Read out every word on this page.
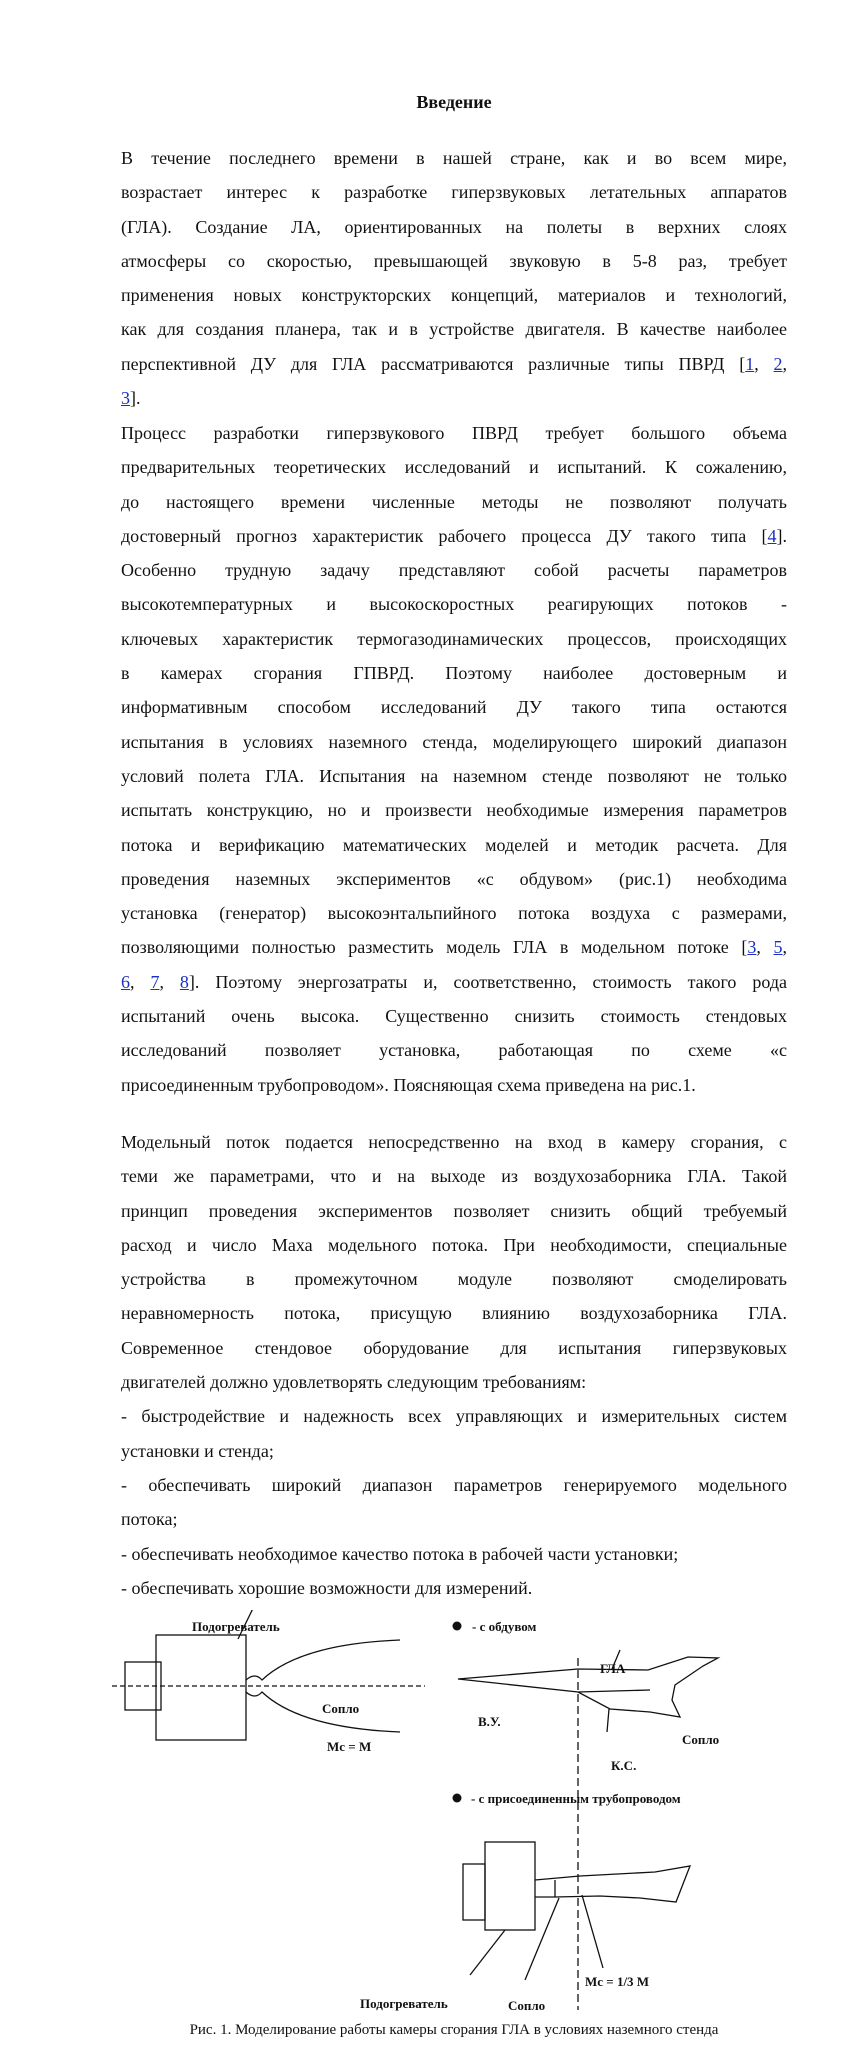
Введение
В течение последнего времени в нашей стране, как и во всем мире,
возрастает интерес к разработке гиперзвуковых летательных аппаратов
(ГЛА). Создание ЛА, ориентированных на полеты в верхних слоях
атмосферы со скоростью, превышающей звуковую в 5-8 раз, требует
применения новых конструкторских концепций, материалов и технологий,
как для создания планера, так и в устройстве двигателя. В качестве наиболее
перспективной ДУ для ГЛА рассматриваются различные типы ПВРД [1, 2,
3].
Процесс разработки гиперзвукового ПВРД требует большого объема
предварительных теоретических исследований и испытаний. К сожалению,
до настоящего времени численные методы не позволяют получать
достоверный прогноз характеристик рабочего процесса ДУ такого типа [4].
Особенно трудную задачу представляют собой расчеты параметров
высокотемпературных и высокоскоростных реагирующих потоков -
ключевых характеристик термогазодинамических процессов, происходящих
в камерах сгорания ГПВРД. Поэтому наиболее достоверным и
информативным способом исследований ДУ такого типа остаются
испытания в условиях наземного стенда, моделирующего широкий диапазон
условий полета ГЛА. Испытания на наземном стенде позволяют не только
испытать конструкцию, но и произвести необходимые измерения параметров
потока и верификацию математических моделей и методик расчета. Для
проведения наземных экспериментов «с обдувом» (рис.1) необходима
установка (генератор) высокоэнтальпийного потока воздуха с размерами,
позволяющими полностью разместить модель ГЛА в модельном потоке [3, 5,
6, 7, 8]. Поэтому энергозатраты и, соответственно, стоимость такого рода
испытаний очень высока. Существенно снизить стоимость стендовых
исследований позволяет установка, работающая по схеме «с
присоединенным трубопроводом». Поясняющая схема приведена на рис.1.
Модельный поток подается непосредственно на вход в камеру сгорания, с
теми же параметрами, что и на выходе из воздухозаборника ГЛА. Такой
принцип проведения экспериментов позволяет снизить общий требуемый
расход и число Маха модельного потока. При необходимости, специальные
устройства в промежуточном модуле позволяют смоделировать
неравномерность потока, присущую влиянию воздухозаборника ГЛА.
Современное стендовое оборудование для испытания гиперзвуковых
двигателей должно удовлетворять следующим требованиям:
- быстродействие и надежность всех управляющих и измерительных систем
установки и стенда;
- обеспечивать широкий диапазон параметров генерируемого модельного
потока;
- обеспечивать необходимое качество потока в рабочей части установки;
- обеспечивать хорошие возможности для измерений.
Подогреватель	- с обдувом
ГЛА
Сопло
В.У.
Сопло
Мс = М
К.С.
- с присоединенным трубопроводом
Мс = 1/3 М
Подогреватель	Сопло
Рис. 1. Моделирование работы камеры сгорания ГЛА в условиях наземного стенда
